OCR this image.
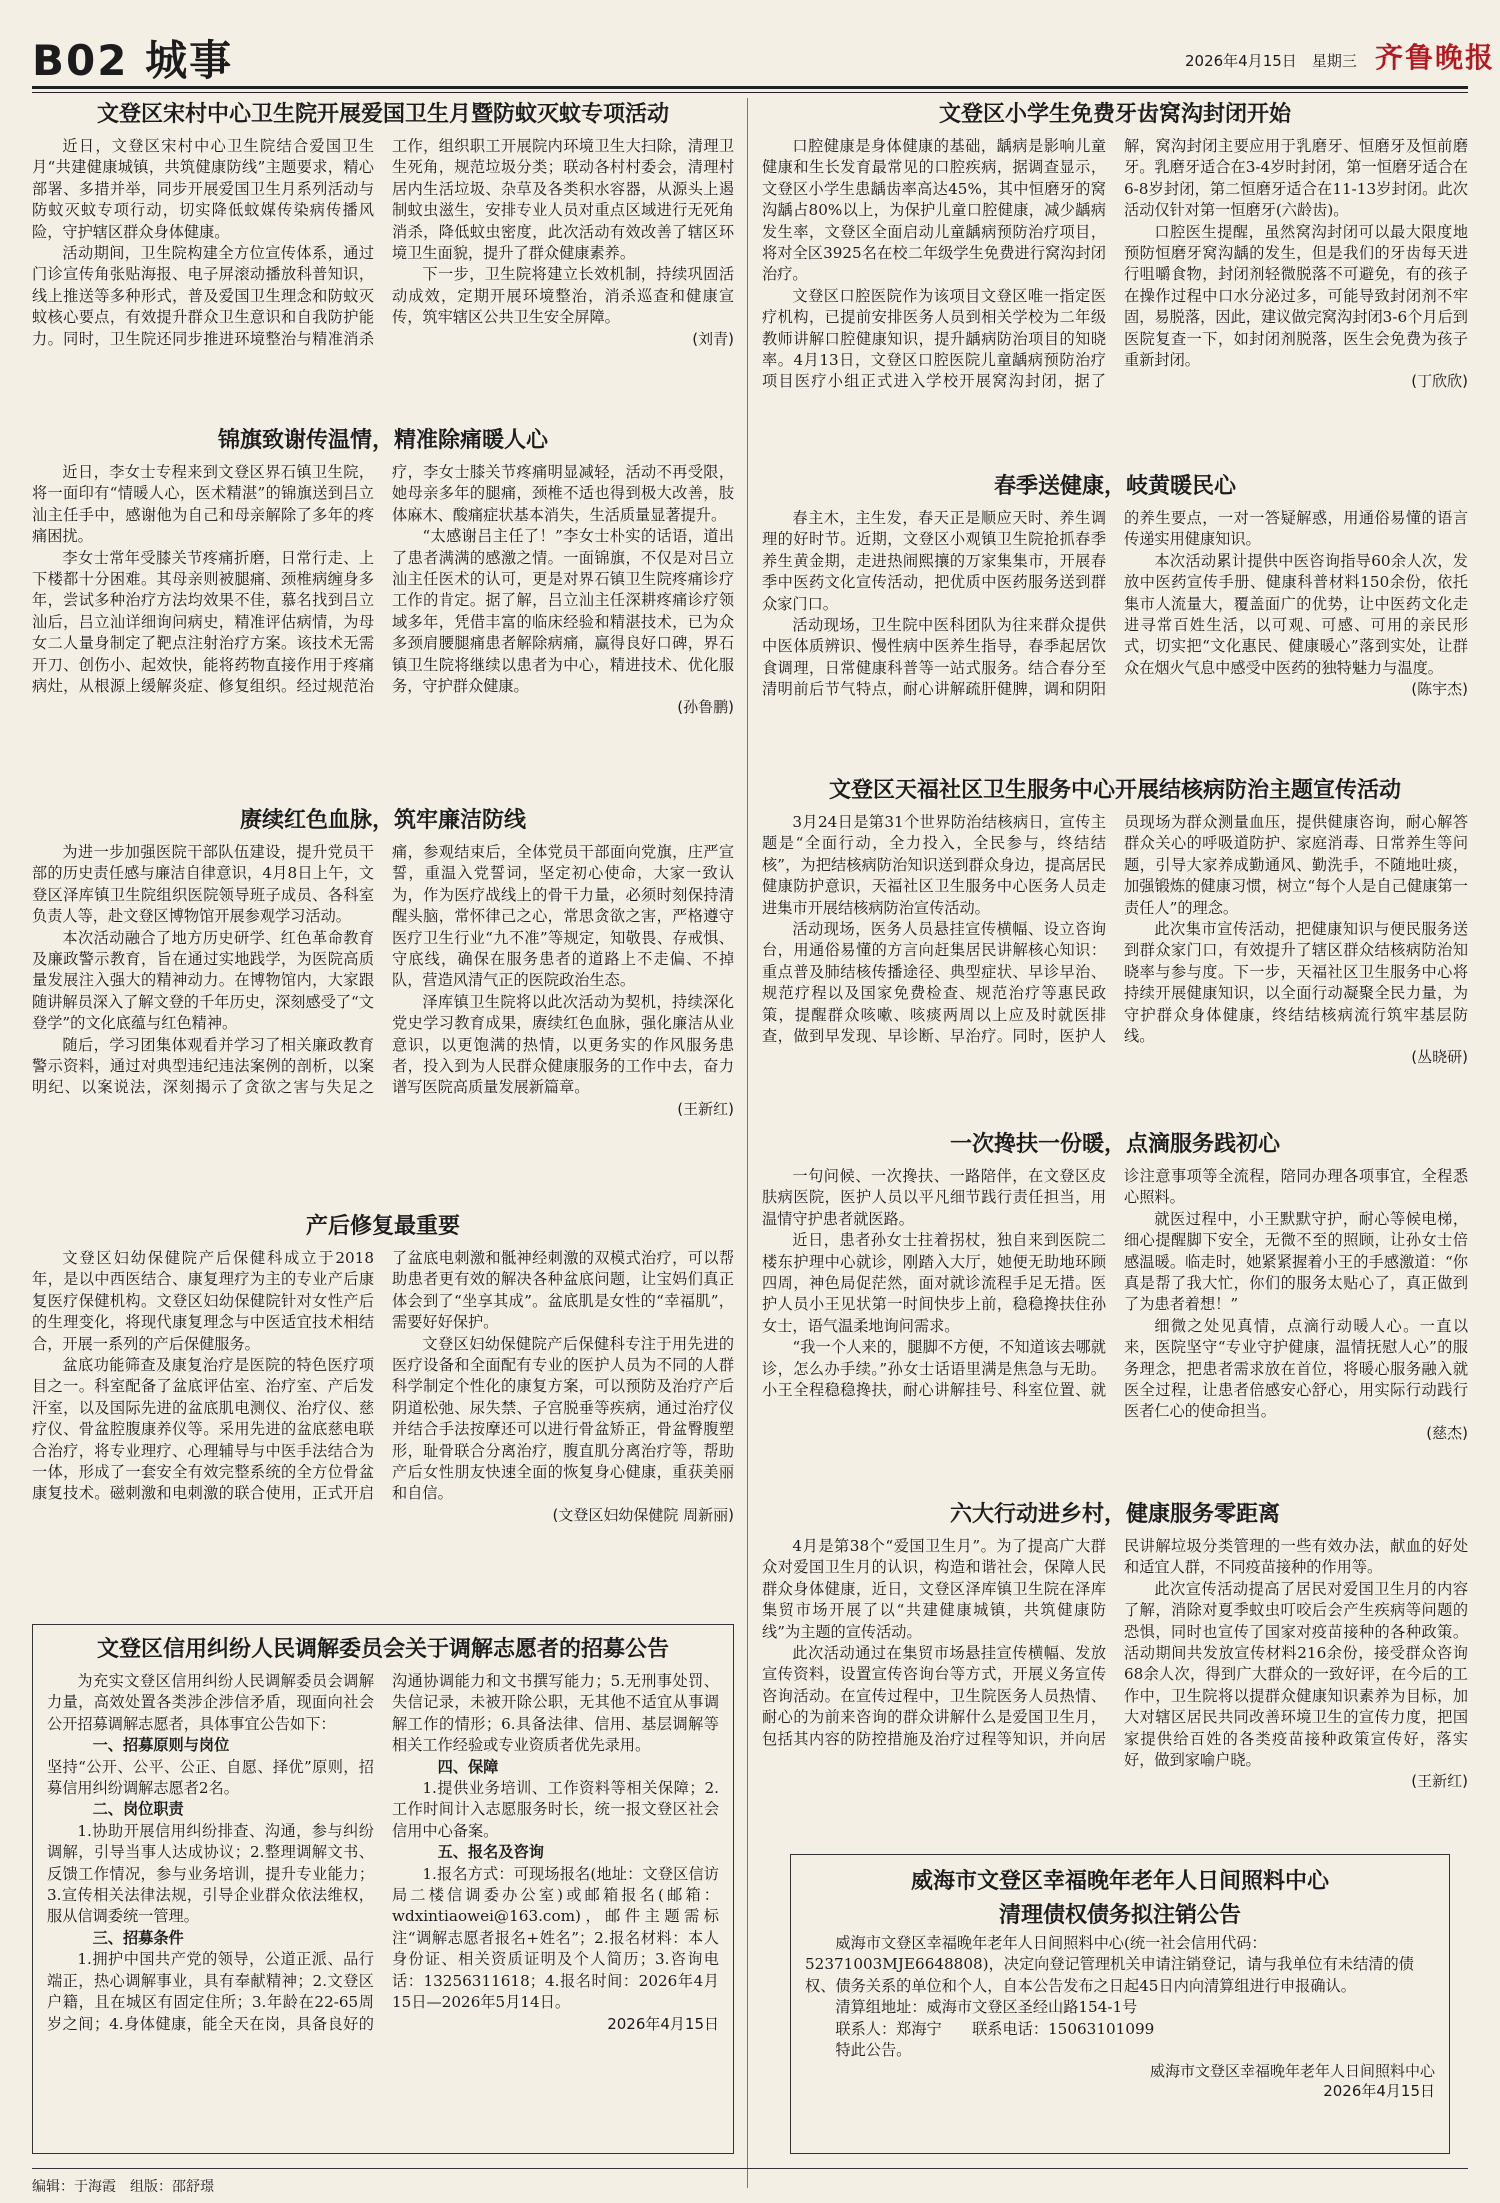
B02 城事	2026年4月15日　 星期三 齐鲁晚报
文登区宋村中心卫生院开展爱国卫生月暨防蚊灭蚊专项活动

近日，文登区宋村中心卫生院结合爱国卫生月“共建健康城镇，共筑健康防线”主题要求，精心部署、多措并举，同步开展爱国卫生月系列活动与防蚊灭蚊专项行动，切实降低蚊媒传染病传播风险，守护辖区群众身体健康。

活动期间，卫生院构建全方位宣传体系，通过门诊宣传角张贴海报、电子屏滚动播放科普知识，线上推送等多种形式，普及爱国卫生理念和防蚊灭蚊核心要点，有效提升群众卫生意识和自我防护能力。同时，卫生院还同步推进环境整治与精准消杀工作，组织职工开展院内环境卫生大扫除，清理卫生死角，规范垃圾分类；联动各村村委会，清理村居内生活垃圾、杂草及各类积水容器，从源头上遏制蚊虫滋生，安排专业人员对重点区域进行无死角消杀，降低蚊虫密度，此次活动有效改善了辖区环境卫生面貌，提升了群众健康素养。

下一步，卫生院将建立长效机制，持续巩固活动成效，定期开展环境整治，消杀巡查和健康宣传，筑牢辖区公共卫生安全屏障。

(刘青)
锦旗致谢传温情，精准除痛暖人心

近日，李女士专程来到文登区界石镇卫生院，将一面印有“情暖人心，医术精湛”的锦旗送到吕立汕主任手中，感谢他为自己和母亲解除了多年的疼痛困扰。

李女士常年受膝关节疼痛折磨，日常行走、上下楼都十分困难。其母亲则被腿痛、颈椎病缠身多年，尝试多种治疗方法均效果不佳，慕名找到吕立汕后，吕立汕详细询问病史，精准评估病情，为母女二人量身制定了靶点注射治疗方案。该技术无需开刀、创伤小、起效快，能将药物直接作用于疼痛病灶，从根源上缓解炎症、修复组织。经过规范治疗，李女士膝关节疼痛明显减轻，活动不再受限，她母亲多年的腿痛，颈椎不适也得到极大改善，肢体麻木、酸痛症状基本消失，生活质量显著提升。

“太感谢吕主任了！”李女士朴实的话语，道出了患者满满的感激之情。一面锦旗，不仅是对吕立汕主任医术的认可，更是对界石镇卫生院疼痛诊疗工作的肯定。据了解，吕立汕主任深耕疼痛诊疗领域多年，凭借丰富的临床经验和精湛技术，已为众多颈肩腰腿痛患者解除病痛，赢得良好口碑，界石镇卫生院将继续以患者为中心，精进技术、优化服务，守护群众健康。

(孙鲁鹏)
赓续红色血脉，筑牢廉洁防线

为进一步加强医院干部队伍建设，提升党员干部的历史责任感与廉洁自律意识，4月8日上午，文登区泽库镇卫生院组织医院领导班子成员、各科室负责人等，赴文登区博物馆开展参观学习活动。

本次活动融合了地方历史研学、红色革命教育及廉政警示教育，旨在通过实地践学，为医院高质量发展注入强大的精神动力。在博物馆内，大家跟随讲解员深入了解文登的千年历史，深刻感受了“文登学”的文化底蕴与红色精神。

随后，学习团集体观看并学习了相关廉政教育警示资料，通过对典型违纪违法案例的剖析，以案明纪、以案说法，深刻揭示了贪欲之害与失足之痛，参观结束后，全体党员干部面向党旗，庄严宣誓，重温入党誓词，坚定初心使命，大家一致认为，作为医疗战线上的骨干力量，必须时刻保持清醒头脑，常怀律己之心，常思贪欲之害，严格遵守医疗卫生行业“九不准”等规定，知敬畏、存戒惧、守底线，确保在服务患者的道路上不走偏、不掉队，营造风清气正的医院政治生态。

泽库镇卫生院将以此次活动为契机，持续深化党史学习教育成果，赓续红色血脉，强化廉洁从业意识，以更饱满的热情，以更务实的作风服务患者，投入到为人民群众健康服务的工作中去，奋力谱写医院高质量发展新篇章。

(王新红)
产后修复最重要

文登区妇幼保健院产后保健科成立于2018年，是以中西医结合、康复理疗为主的专业产后康复医疗保健机构。文登区妇幼保健院针对女性产后的生理变化，将现代康复理念与中医适宜技术相结合，开展一系列的产后保健服务。

盆底功能筛查及康复治疗是医院的特色医疗项目之一。科室配备了盆底评估室、治疗室、产后发汗室，以及国际先进的盆底肌电测仪、治疗仪、慈疗仪、骨盆腔腹康养仪等。采用先进的盆底慈电联合治疗，将专业理疗、心理辅导与中医手法结合为一体，形成了一套安全有效完整系统的全方位骨盆康复技术。磁刺激和电刺激的联合使用，正式开启了盆底电刺激和骶神经刺激的双模式治疗，可以帮助患者更有效的解决各种盆底问题，让宝妈们真正体会到了“坐享其成”。盆底肌是女性的“幸福肌”，需要好好保护。

文登区妇幼保健院产后保健科专注于用先进的医疗设备和全面配有专业的医护人员为不同的人群科学制定个性化的康复方案，可以预防及治疗产后阴道松弛、尿失禁、子宫脱垂等疾病，通过治疗仪并结合手法按摩还可以进行骨盆矫正，骨盆臀腹塑形，耻骨联合分离治疗，腹直肌分离治疗等，帮助产后女性朋友快速全面的恢复身心健康，重获美丽和自信。

(文登区妇幼保健院 周新丽)
文登区信用纠纷人民调解委员会关于调解志愿者的招募公告

为充实文登区信用纠纷人民调解委员会调解力量，高效处置各类涉企涉信矛盾，现面向社会公开招募调解志愿者，具体事宜公告如下：

一、招募原则与岗位

坚持“公开、公平、公正、自愿、择优”原则，招募信用纠纷调解志愿者2名。

二、岗位职责

1.协助开展信用纠纷排查、沟通，参与纠纷调解，引导当事人达成协议；2.整理调解文书、反馈工作情况，参与业务培训，提升专业能力；3.宣传相关法律法规，引导企业群众依法维权，服从信调委统一管理。

三、招募条件

1.拥护中国共产党的领导，公道正派、品行端正，热心调解事业，具有奉献精神；2.文登区户籍，且在城区有固定住所；3.年龄在22-65周岁之间；4.身体健康，能全天在岗，具备良好的沟通协调能力和文书撰写能力；5.无刑事处罚、失信记录，未被开除公职，无其他不适宜从事调解工作的情形；6.具备法律、信用、基层调解等相关工作经验或专业资质者优先录用。

四、保障

1.提供业务培训、工作资料等相关保障；2.工作时间计入志愿服务时长，统一报文登区社会信用中心备案。

五、报名及咨询

1.报名方式：可现场报名(地址：文登区信访局二楼信调委办公室)或邮箱报名(邮箱：wdxintiaowei@163.com)，邮件主题需标注“调解志愿者报名+姓名”；2.报名材料：本人身份证、相关资质证明及个人简历；3.咨询电话：13256311618；4.报名时间：2026年4月15日—2026年5月14日。

2026年4月15日
文登区小学生免费牙齿窝沟封闭开始

口腔健康是身体健康的基础，龋病是影响儿童健康和生长发育最常见的口腔疾病，据调查显示，文登区小学生患龋齿率高达45%，其中恒磨牙的窝沟龋占80%以上，为保护儿童口腔健康，减少龋病发生率，文登区全面启动儿童龋病预防治疗项目，将对全区3925名在校二年级学生免费进行窝沟封闭治疗。

文登区口腔医院作为该项目文登区唯一指定医疗机构，已提前安排医务人员到相关学校为二年级教师讲解口腔健康知识，提升龋病防治项目的知晓率。4月13日，文登区口腔医院儿童龋病预防治疗项目医疗小组正式进入学校开展窝沟封闭，据了解，窝沟封闭主要应用于乳磨牙、恒磨牙及恒前磨牙。乳磨牙适合在3-4岁时封闭，第一恒磨牙适合在6-8岁封闭，第二恒磨牙适合在11-13岁封闭。此次活动仅针对第一恒磨牙(六龄齿)。

口腔医生提醒，虽然窝沟封闭可以最大限度地预防恒磨牙窝沟龋的发生，但是我们的牙齿每天进行咀嚼食物，封闭剂轻微脱落不可避免，有的孩子在操作过程中口水分泌过多，可能导致封闭剂不牢固，易脱落，因此，建议做完窝沟封闭3-6个月后到医院复查一下，如封闭剂脱落，医生会免费为孩子重新封闭。

(丁欣欣)
春季送健康，岐黄暖民心

春主木，主生发，春天正是顺应天时、养生调理的好时节。近期，文登区小观镇卫生院抢抓春季养生黄金期，走进热闹熙攘的万家集集市，开展春季中医药文化宣传活动，把优质中医药服务送到群众家门口。

活动现场，卫生院中医科团队为往来群众提供中医体质辨识、慢性病中医养生指导，春季起居饮食调理，日常健康科普等一站式服务。结合春分至清明前后节气特点，耐心讲解疏肝健脾，调和阴阳的养生要点，一对一答疑解惑，用通俗易懂的语言传递实用健康知识。

本次活动累计提供中医咨询指导60余人次，发放中医药宣传手册、健康科普材料150余份，依托集市人流量大，覆盖面广的优势，让中医药文化走进寻常百姓生活，以可观、可感、可用的亲民形式，切实把“文化惠民、健康暖心”落到实处，让群众在烟火气息中感受中医药的独特魅力与温度。

(陈宇杰)
文登区天福社区卫生服务中心开展结核病防治主题宣传活动

3月24日是第31个世界防治结核病日，宣传主题是“全面行动，全力投入，全民参与，终结结核”，为把结核病防治知识送到群众身边，提高居民健康防护意识，天福社区卫生服务中心医务人员走进集市开展结核病防治宣传活动。

活动现场，医务人员悬挂宣传横幅、设立咨询台，用通俗易懂的方言向赶集居民讲解核心知识：重点普及肺结核传播途径、典型症状、早诊早治、规范疗程以及国家免费检查、规范治疗等惠民政策，提醒群众咳嗽、咳痰两周以上应及时就医排查，做到早发现、早诊断、早治疗。同时，医护人员现场为群众测量血压，提供健康咨询，耐心解答群众关心的呼吸道防护、家庭消毒、日常养生等问题，引导大家养成勤通风、勤洗手，不随地吐痰，加强锻炼的健康习惯，树立“每个人是自己健康第一责任人”的理念。

此次集市宣传活动，把健康知识与便民服务送到群众家门口，有效提升了辖区群众结核病防治知晓率与参与度。下一步，天福社区卫生服务中心将持续开展健康知识，以全面行动凝聚全民力量，为守护群众身体健康，终结结核病流行筑牢基层防线。

(丛晓研)
一次搀扶一份暖，点滴服务践初心

一句问候、一次搀扶、一路陪伴，在文登区皮肤病医院，医护人员以平凡细节践行责任担当，用温情守护患者就医路。

近日，患者孙女士拄着拐杖，独自来到医院二楼东护理中心就诊，刚踏入大厅，她便无助地环顾四周，神色局促茫然，面对就诊流程手足无措。医护人员小王见状第一时间快步上前，稳稳搀扶住孙女士，语气温柔地询问需求。

“我一个人来的，腿脚不方便，不知道该去哪就诊，怎么办手续。”孙女士话语里满是焦急与无助。小王全程稳稳搀扶，耐心讲解挂号、科室位置、就诊注意事项等全流程，陪同办理各项事宜，全程悉心照料。

就医过程中，小王默默守护，耐心等候电梯，细心提醒脚下安全，无微不至的照顾，让孙女士倍感温暖。临走时，她紧紧握着小王的手感激道：“你真是帮了我大忙，你们的服务太贴心了，真正做到了为患者着想！”

细微之处见真情，点滴行动暖人心。一直以来，医院坚守“专业守护健康，温情抚慰人心”的服务理念，把患者需求放在首位，将暖心服务融入就医全过程，让患者倍感安心舒心，用实际行动践行医者仁心的使命担当。

(慈杰)
六大行动进乡村，健康服务零距离

4月是第38个“爱国卫生月”。为了提高广大群众对爱国卫生月的认识，构造和谐社会，保障人民群众身体健康，近日，文登区泽库镇卫生院在泽库集贸市场开展了以“共建健康城镇，共筑健康防线”为主题的宣传活动。

此次活动通过在集贸市场悬挂宣传横幅、发放宣传资料，设置宣传咨询台等方式，开展义务宣传咨询活动。在宣传过程中，卫生院医务人员热情、耐心的为前来咨询的群众讲解什么是爱国卫生月，包括其内容的防控措施及治疗过程等知识，并向居民讲解垃圾分类管理的一些有效办法，献血的好处和适宜人群，不同疫苗接种的作用等。

此次宣传活动提高了居民对爱国卫生月的内容了解，消除对夏季蚊虫叮咬后会产生疾病等问题的恐惧，同时也宣传了国家对疫苗接种的各种政策。活动期间共发放宣传材料216余份，接受群众咨询68余人次，得到广大群众的一致好评，在今后的工作中，卫生院将以提群众健康知识素养为目标，加大对辖区居民共同改善环境卫生的宣传力度，把国家提供给百姓的各类疫苗接种政策宣传好，落实好，做到家喻户晓。

(王新红)
威海市文登区幸福晚年老年人日间照料中心
清理债权债务拟注销公告

威海市文登区幸福晚年老年人日间照料中心(统一社会信用代码：52371003MJE6648808)，决定向登记管理机关申请注销登记，请与我单位有未结清的债权、债务关系的单位和个人，自本公告发布之日起45日内向清算组进行申报确认。

清算组地址：威海市文登区圣经山路154-1号

联系人：郑海宁　　联系电话：15063101099

特此公告。

威海市文登区幸福晚年老年人日间照料中心
2026年4月15日
编辑：于海霞　组版：邵舒璟
